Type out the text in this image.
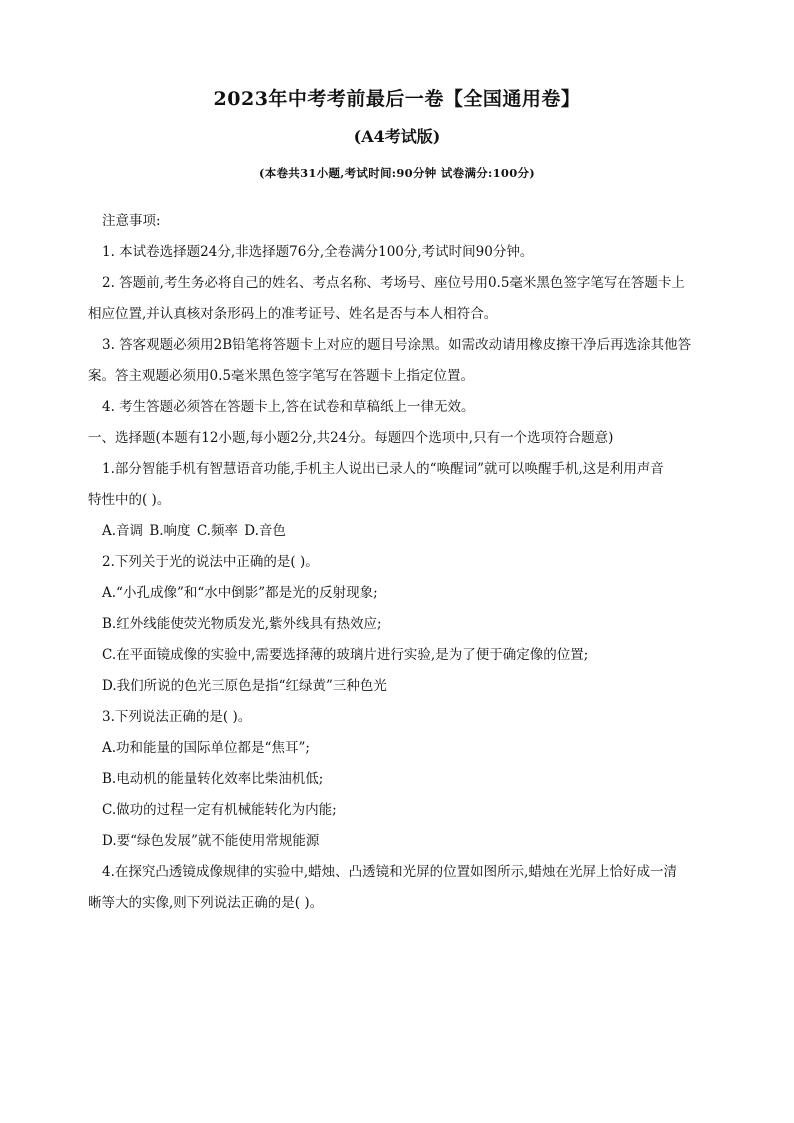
2023年中考考前最后一卷【全国通用卷】
(A4考试版)
(本卷共31小题,考试时间:90分钟 试卷满分:100分)
注意事项:
1. 本试卷选择题24分,非选择题76分,全卷满分100分,考试时间90分钟。
2. 答题前,考生务必将自己的姓名、考点名称、考场号、座位号用0.5毫米黑色签字笔写在答题卡上
相应位置,并认真核对条形码上的准考证号、姓名是否与本人相符合。
3. 答客观题必须用2B铅笔将答题卡上对应的题目号涂黑。如需改动请用橡皮擦干净后再选涂其他答
案。答主观题必须用0.5毫米黑色签字笔写在答题卡上指定位置。
4. 考生答题必须答在答题卡上,答在试卷和草稿纸上一律无效。
一、选择题(本题有12小题,每小题2分,共24分。每题四个选项中,只有一个选项符合题意)
1.部分智能手机有智慧语音功能,手机主人说出已录人的“唤醒词”就可以唤醒手机,这是利用声音
特性中的( )。
A.音调 B.响度 C.频率 D.音色
2.下列关于光的说法中正确的是( )。
A.“小孔成像”和“水中倒影”都是光的反射现象;
B.红外线能使荧光物质发光,紫外线具有热效应;
C.在平面镜成像的实验中,需要选择薄的玻璃片进行实验,是为了便于确定像的位置;
D.我们所说的色光三原色是指“红绿黄”三种色光
3.下列说法正确的是( )。
A.功和能量的国际单位都是“焦耳”;
B.电动机的能量转化效率比柴油机低;
C.做功的过程一定有机械能转化为内能;
D.要“绿色发展”就不能使用常规能源
4.在探究凸透镜成像规律的实验中,蜡烛、凸透镜和光屏的位置如图所示,蜡烛在光屏上恰好成一清
晰等大的实像,则下列说法正确的是( )。
